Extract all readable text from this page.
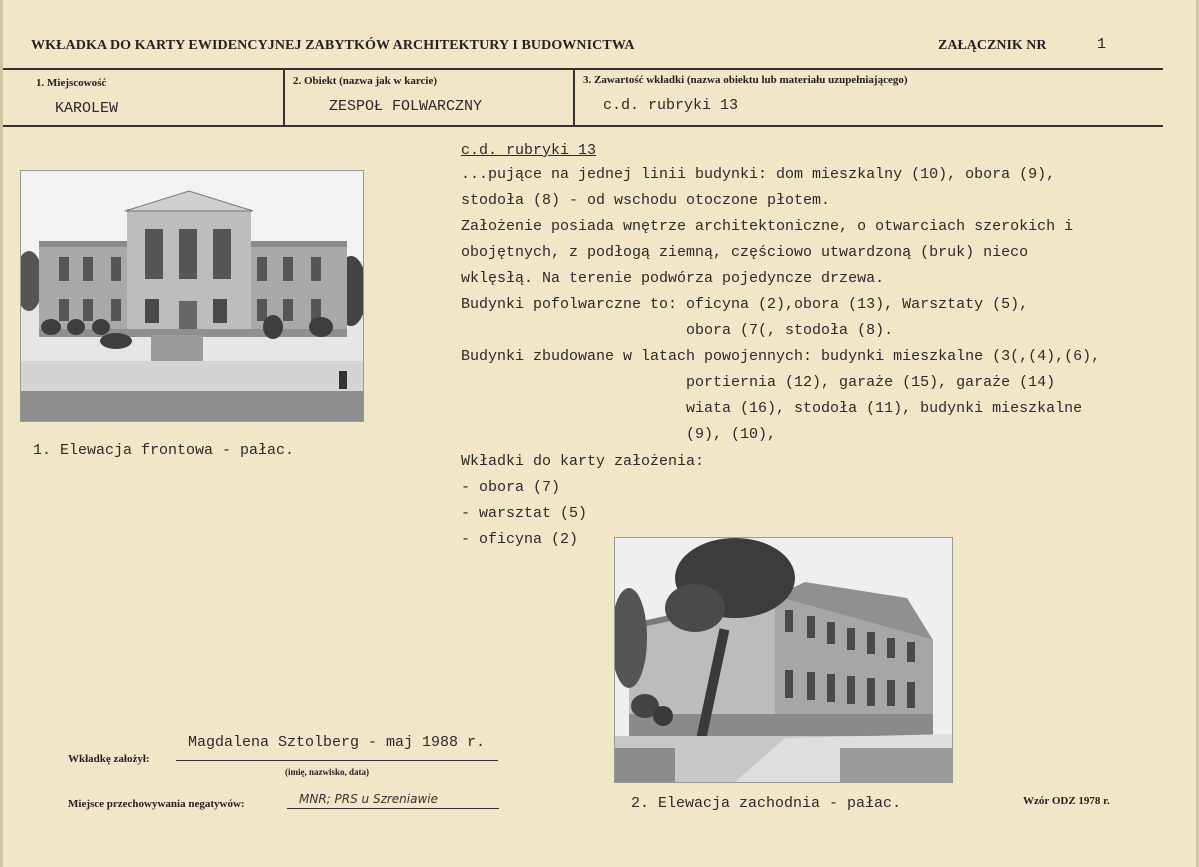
WKŁADKA DO KARTY EWIDENCYJNEJ ZABYTKÓW ARCHITEKTURY I BUDOWNICTWA	ZAŁĄCZNIK NR	1
1. Miejscowość
KAROLEW
2. Obiekt (nazwa jak w karcie)
ZESPOŁ FOLWARCZNY
3. Zawartość wkładki (nazwa obiektu lub materiału uzupełniającego)
c.d. rubryki 13
c.d. rubryki 13
...pujące na jednej linii budynki: dom mieszkalny (10), obora (9),
stodoła (8) - od wschodu otoczone płotem.
Założenie posiada wnętrze architektoniczne, o otwarciach szerokich i
obojętnych, z podłogą ziemną, częściowo utwardzoną (bruk) nieco
wklęsłą. Na terenie podwórza pojedyncze drzewa.
Budynki pofolwarczne to: oficyna (2),obora (13), Warsztaty (5),
obora (7(, stodoła (8).
Budynki zbudowane w latach powojennych: budynki mieszkalne (3(,(4),(6),
portiernia (12), garaże (15), garaże (14)
wiata (16), stodoła (11), budynki mieszkalne
(9), (10),
Wkładki do karty założenia:
- obora (7)
- warsztat (5)
- oficyna (2)
1. Elewacja frontowa - pałac.
2. Elewacja zachodnia - pałac.
Wkładkę założył:
Magdalena Sztolberg - maj 1988 r.
(imię, nazwisko, data)
Miejsce przechowywania negatywów:	MNR; PRS u Szreniawie	Wzór ODZ 1978 r.
